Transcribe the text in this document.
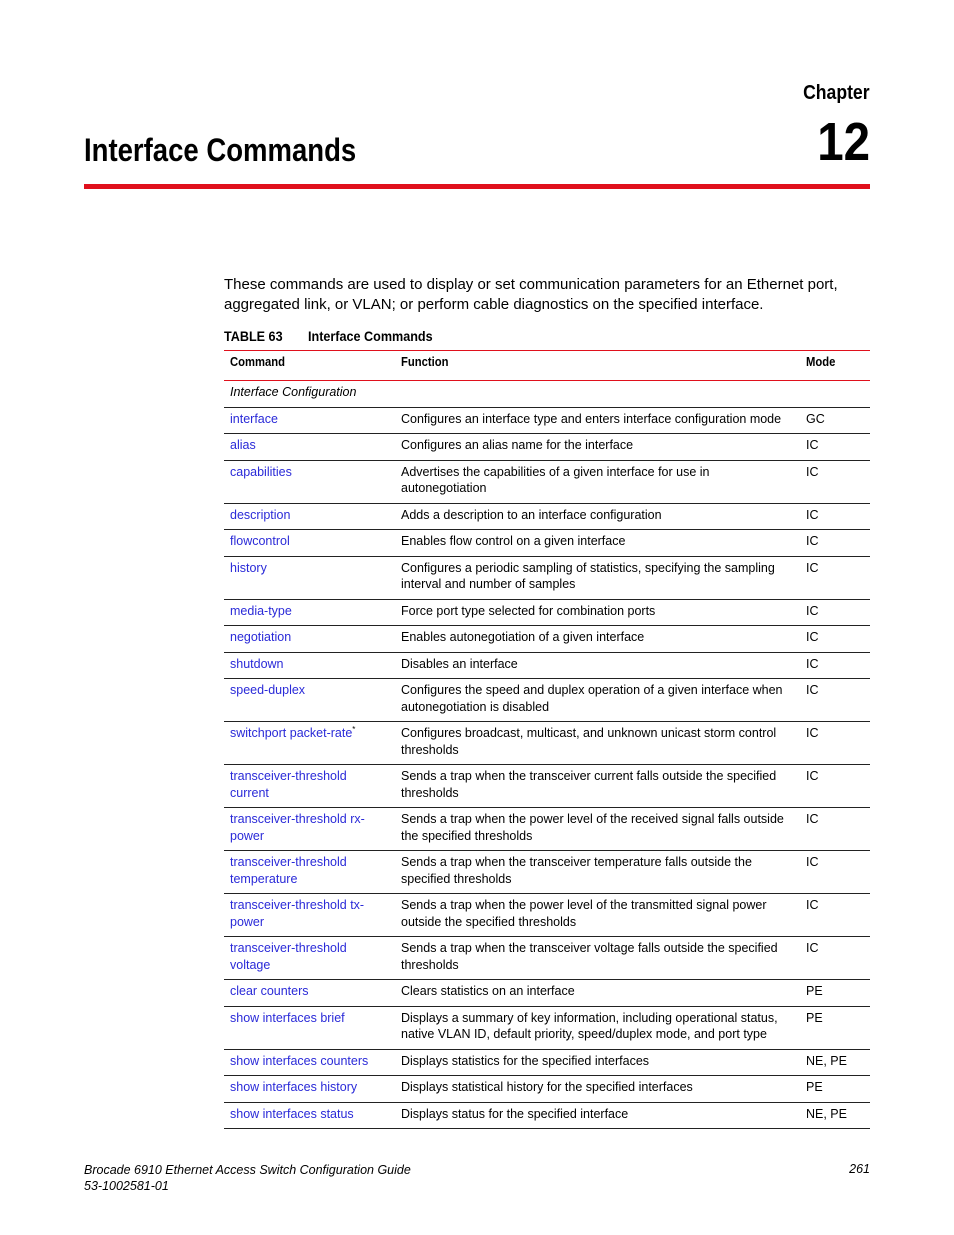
Chapter
12
Interface Commands

These commands are used to display or set communication parameters for an Ethernet port, aggregated link, or VLAN; or perform cable diagnostics on the specified interface.

TABLE 63 Interface Commands
Command	Function	Mode
Interface Configuration		
interface	Configures an interface type and enters interface configuration mode	GC
alias	Configures an alias name for the interface	IC
capabilities	Advertises the capabilities of a given interface for use in autonegotiation	IC
description	Adds a description to an interface configuration	IC
flowcontrol	Enables flow control on a given interface	IC
history	Configures a periodic sampling of statistics, specifying the sampling interval and number of samples	IC
media-type	Force port type selected for combination ports	IC
negotiation	Enables autonegotiation of a given interface	IC
shutdown	Disables an interface	IC
speed-duplex	Configures the speed and duplex operation of a given interface when autonegotiation is disabled	IC
switchport packet-rate*	Configures broadcast, multicast, and unknown unicast storm control thresholds	IC
transceiver-threshold current	Sends a trap when the transceiver current falls outside the specified thresholds	IC
transceiver-threshold rx-power	Sends a trap when the power level of the received signal falls outside the specified thresholds	IC
transceiver-threshold temperature	Sends a trap when the transceiver temperature falls outside the specified thresholds	IC
transceiver-threshold tx-power	Sends a trap when the power level of the transmitted signal power outside the specified thresholds	IC
transceiver-threshold voltage	Sends a trap when the transceiver voltage falls outside the specified thresholds	IC
clear counters	Clears statistics on an interface	PE
show interfaces brief	Displays a summary of key information, including operational status, native VLAN ID, default priority, speed/duplex mode, and port type	PE
show interfaces counters	Displays statistics for the specified interfaces	NE, PE
show interfaces history	Displays statistical history for the specified interfaces	PE
show interfaces status	Displays status for the specified interface	NE, PE
Brocade 6910 Ethernet Access Switch Configuration Guide
53-1002581-01
261
